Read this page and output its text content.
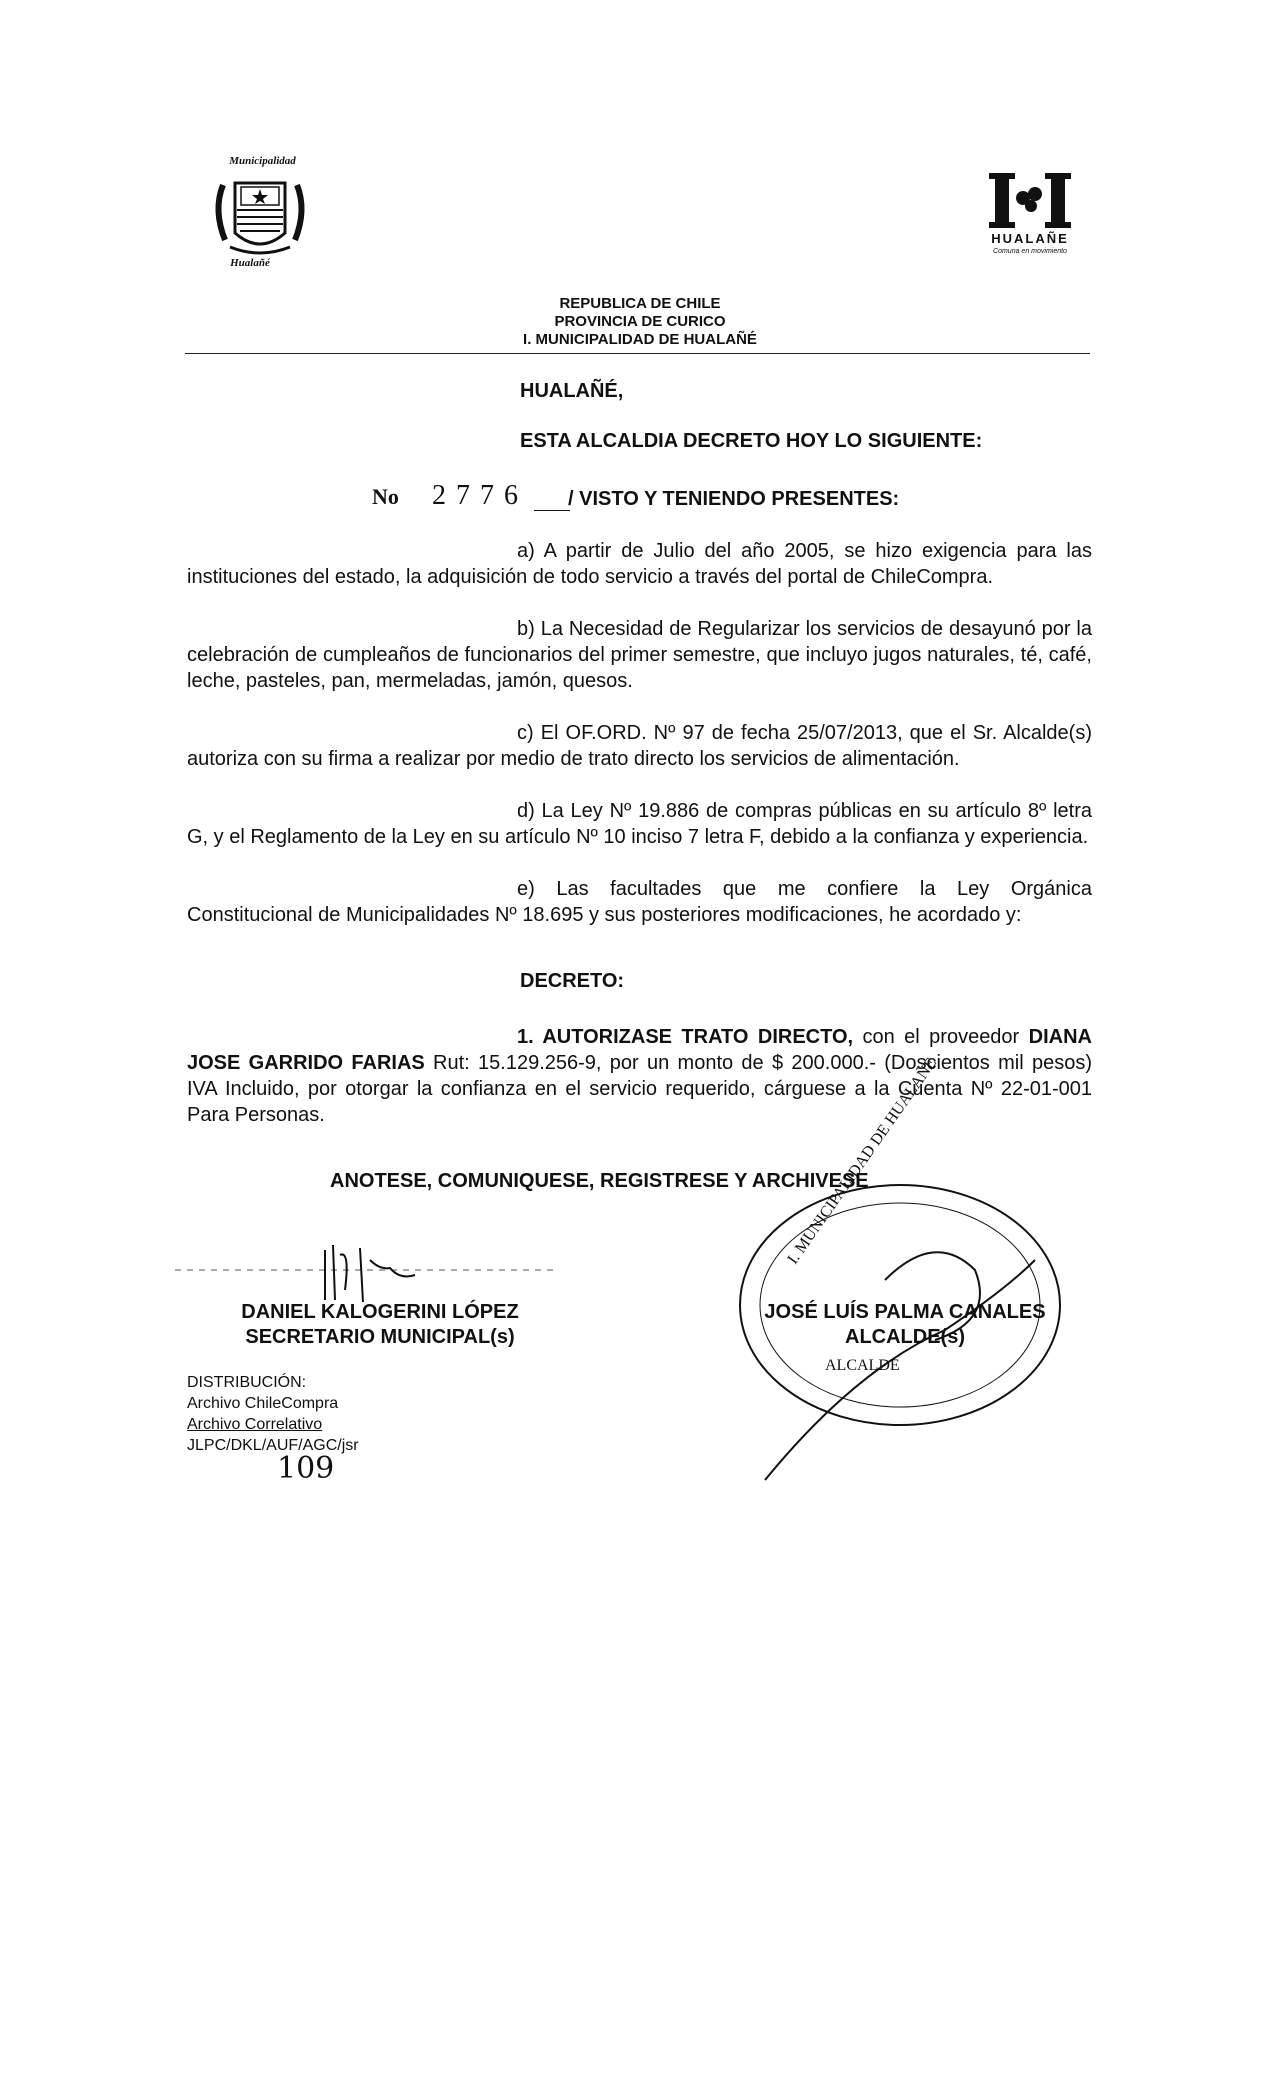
Municipalidad
Hualañé
HUALAÑE
Comuna en movimiento
REPUBLICA DE CHILE
PROVINCIA DE CURICO
I. MUNICIPALIDAD DE HUALAÑÉ
HUALAÑÉ,
ESTA ALCALDIA DECRETO HOY LO SIGUIENTE:
No 2776 / VISTO Y TENIENDO PRESENTES:
a) A partir de Julio del año 2005, se hizo exigencia para las instituciones del estado, la adquisición de todo servicio a través del portal de ChileCompra.
b) La Necesidad de Regularizar los servicios de desayunó por la celebración de cumpleaños de funcionarios del primer semestre, que incluyo jugos naturales, té, café, leche, pasteles, pan, mermeladas, jamón, quesos.
c) El OF.ORD. Nº 97 de fecha 25/07/2013, que el Sr. Alcalde(s) autoriza con su firma a realizar por medio de trato directo los servicios de alimentación.
d) La Ley Nº 19.886 de compras públicas en su artículo 8º letra G, y el Reglamento de la Ley en su artículo Nº 10 inciso 7 letra F, debido a la confianza y experiencia.
e) Las facultades que me confiere la Ley Orgánica Constitucional de Municipalidades Nº 18.695 y sus posteriores modificaciones, he acordado y:
DECRETO:
1. AUTORIZASE TRATO DIRECTO, con el proveedor DIANA JOSE GARRIDO FARIAS Rut: 15.129.256-9, por un monto de $ 200.000.- (Doscientos mil pesos) IVA Incluido, por otorgar la confianza en el servicio requerido, cárguese a la Cuenta Nº 22-01-001 Para Personas.
ANOTESE, COMUNIQUESE, REGISTRESE Y ARCHIVESE
I. MUNICIPALIDAD DE HUALAÑE
ALCALDE
DANIEL KALOGERINI LÓPEZ
SECRETARIO MUNICIPAL(s)
JOSÉ LUÍS PALMA CANALES
ALCALDE(s)
DISTRIBUCIÓN:
Archivo ChileCompra
Archivo Correlativo
JLPC/DKL/AUF/AGC/jsr
109
